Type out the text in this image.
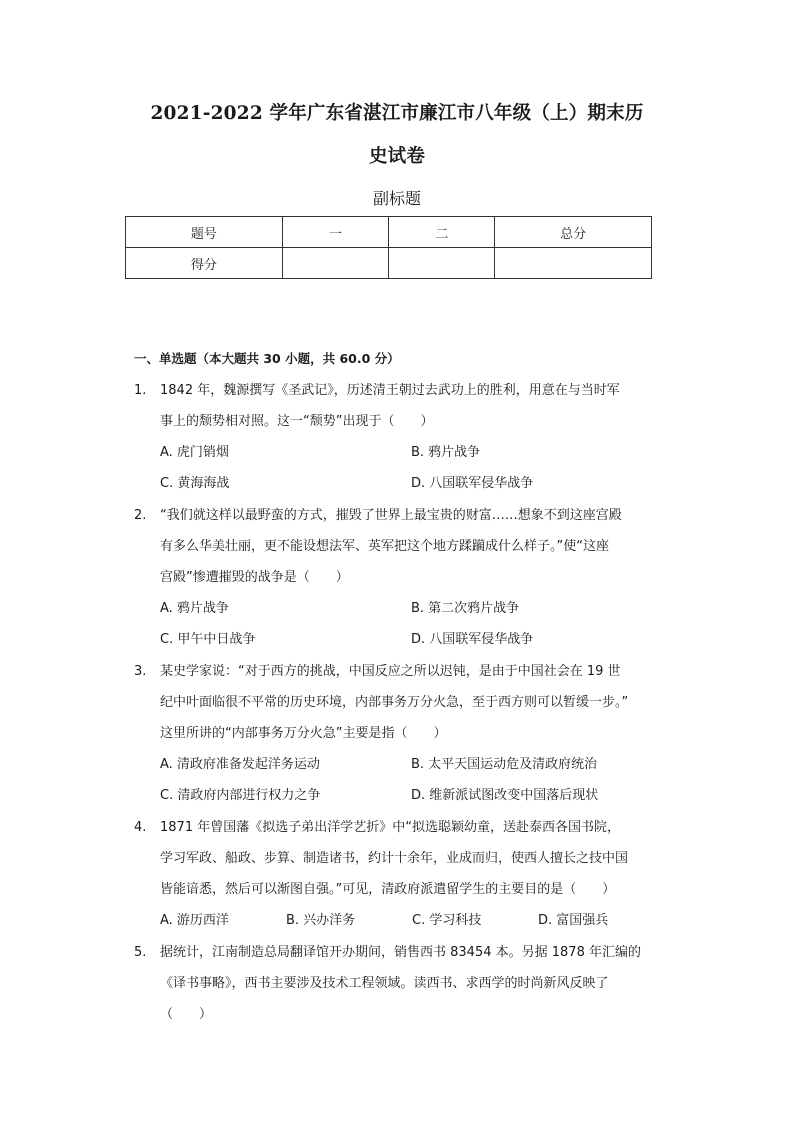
2021-2022 学年广东省湛江市廉江市八年级（上）期末历
史试卷
副标题
题号	一	二	总分
得分			
一、单选题（本大题共 30 小题，共 60.0 分）
1. 1842 年，魏源撰写《圣武记》，历述清王朝过去武功上的胜利，用意在与当时军
事上的颓势相对照。这一“颓势”出现于（　　）
A. 虎门销烟	B. 鸦片战争
C. 黄海海战	D. 八国联军侵华战争
2. “我们就这样以最野蛮的方式，摧毁了世界上最宝贵的财富……想象不到这座宫殿
有多么华美壮丽，更不能设想法军、英军把这个地方蹂躏成什么样子。”使“这座
宫殿”惨遭摧毁的战争是（　　）
A. 鸦片战争	B. 第二次鸦片战争
C. 甲午中日战争	D. 八国联军侵华战争
3. 某史学家说：“对于西方的挑战，中国反应之所以迟钝，是由于中国社会在 19 世
纪中叶面临很不平常的历史环境，内部事务万分火急，至于西方则可以暂缓一步。”
这里所讲的“内部事务万分火急”主要是指（　　）
A. 清政府准备发起洋务运动	B. 太平天国运动危及清政府统治
C. 清政府内部进行权力之争	D. 维新派试图改变中国落后现状
4. 1871 年曾国藩《拟选子弟出洋学艺折》中“拟选聪颖幼童，送赴泰西各国书院，
学习军政、船政、步算、制造诸书，约计十余年，业成而归，使西人擅长之技中国
皆能谙悉，然后可以渐图自强。”可见，清政府派遣留学生的主要目的是（　　）
A. 游历西洋	B. 兴办洋务	C. 学习科技	D. 富国强兵
5. 据统计，江南制造总局翻译馆开办期间，销售西书 83454 本。另据 1878 年汇编的
《译书事略》，西书主要涉及技术工程领域。读西书、求西学的时尚新风反映了
（　　）
